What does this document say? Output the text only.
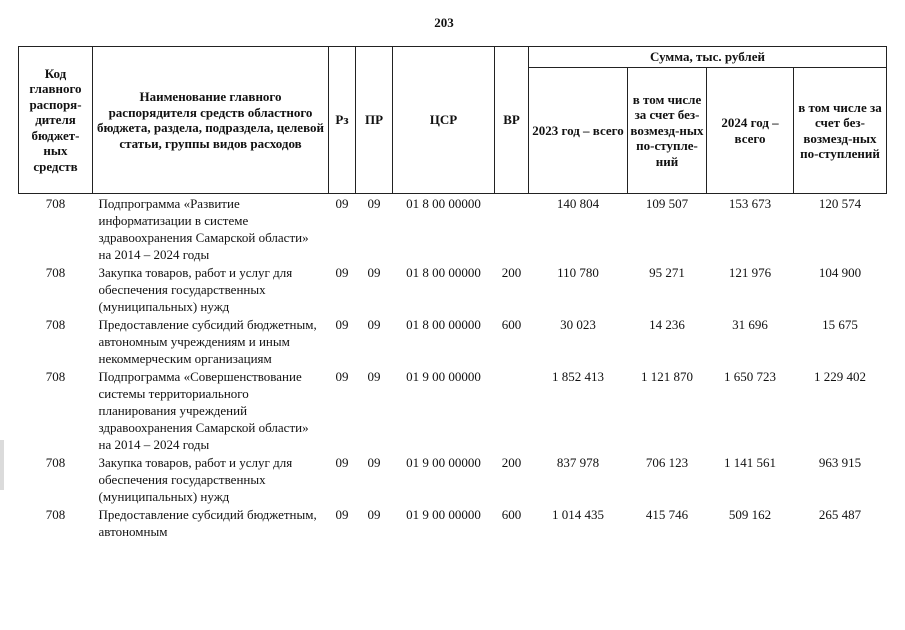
203
Код главного распоря-дителя бюджет-ных средств	Наименование главного распорядителя средств областного бюджета, раздела, подраздела, целевой статьи, группы видов расходов	Рз	ПР	ЦСР	ВР	Сумма, тыс. рублей			
						2023 год – всего	в том числе за счет без-возмезд-ных по-ступле-ний	2024 год – всего	в том числе за счет без-возмезд-ных по-ступлений
708	Подпрограмма «Развитие информатизации в системе здравоохранения Самарской области» на 2014 – 2024 годы	09	09	01 8 00 00000		140 804	109 507	153 673	120 574
708	Закупка товаров, работ и услуг для обеспечения государственных (муниципальных) нужд	09	09	01 8 00 00000	200	110 780	95 271	121 976	104 900
708	Предоставление субсидий бюджетным, автономным учреждениям и иным некоммерческим организациям	09	09	01 8 00 00000	600	30 023	14 236	31 696	15 675
708	Подпрограмма «Совершенствование системы территориального планирования учреждений здравоохранения Самарской области» на 2014 – 2024 годы	09	09	01 9 00 00000		1 852 413	1 121 870	1 650 723	1 229 402
708	Закупка товаров, работ и услуг для обеспечения государственных (муниципальных) нужд	09	09	01 9 00 00000	200	837 978	706 123	1 141 561	963 915
708	Предоставление субсидий бюджетным, автономным	09	09	01 9 00 00000	600	1 014 435	415 746	509 162	265 487
